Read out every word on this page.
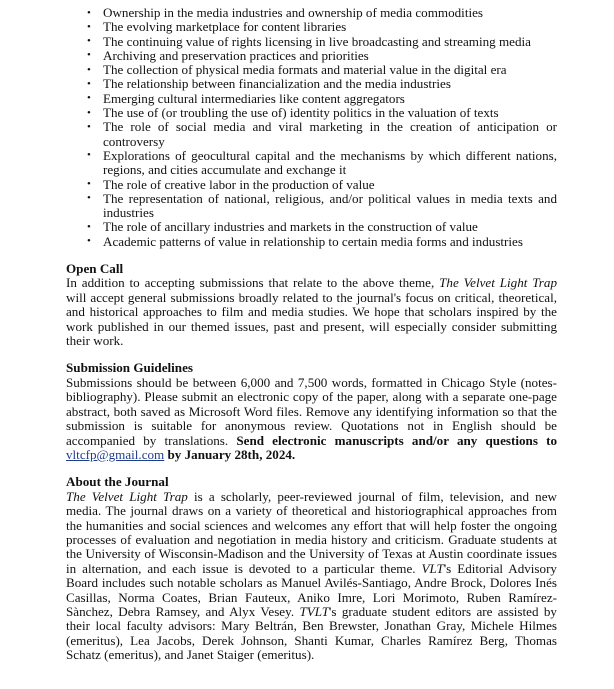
• Ownership in the media industries and ownership of media commodities
• The evolving marketplace for content libraries
• The continuing value of rights licensing in live broadcasting and streaming media
• Archiving and preservation practices and priorities
• The collection of physical media formats and material value in the digital era
• The relationship between financialization and the media industries
• Emerging cultural intermediaries like content aggregators
• The use of (or troubling the use of) identity politics in the valuation of texts
• The role of social media and viral marketing in the creation of anticipation or controversy
• Explorations of geocultural capital and the mechanisms by which different nations, regions, and cities accumulate and exchange it
• The role of creative labor in the production of value
• The representation of national, religious, and/or political values in media texts and industries
• The role of ancillary industries and markets in the construction of value
• Academic patterns of value in relationship to certain media forms and industries
Open Call
In addition to accepting submissions that relate to the above theme, The Velvet Light Trap will accept general submissions broadly related to the journal's focus on critical, theoretical, and historical approaches to film and media studies. We hope that scholars inspired by the work published in our themed issues, past and present, will especially consider submitting their work.
Submission Guidelines
Submissions should be between 6,000 and 7,500 words, formatted in Chicago Style (notes-bibliography). Please submit an electronic copy of the paper, along with a separate one-page abstract, both saved as Microsoft Word files. Remove any identifying information so that the submission is suitable for anonymous review. Quotations not in English should be accompanied by translations. Send electronic manuscripts and/or any questions to vltcfp@gmail.com by January 28th, 2024.
About the Journal
The Velvet Light Trap is a scholarly, peer-reviewed journal of film, television, and new media. The journal draws on a variety of theoretical and historiographical approaches from the humanities and social sciences and welcomes any effort that will help foster the ongoing processes of evaluation and negotiation in media history and criticism. Graduate students at the University of Wisconsin-Madison and the University of Texas at Austin coordinate issues in alternation, and each issue is devoted to a particular theme. VLT's Editorial Advisory Board includes such notable scholars as Manuel Avilés-Santiago, Andre Brock, Dolores Inés Casillas, Norma Coates, Brian Fauteux, Aniko Imre, Lori Morimoto, Ruben Ramírez-Sànchez, Debra Ramsey, and Alyx Vesey. TVLT's graduate student editors are assisted by their local faculty advisors: Mary Beltrán, Ben Brewster, Jonathan Gray, Michele Hilmes (emeritus), Lea Jacobs, Derek Johnson, Shanti Kumar, Charles Ramírez Berg, Thomas Schatz (emeritus), and Janet Staiger (emeritus).
